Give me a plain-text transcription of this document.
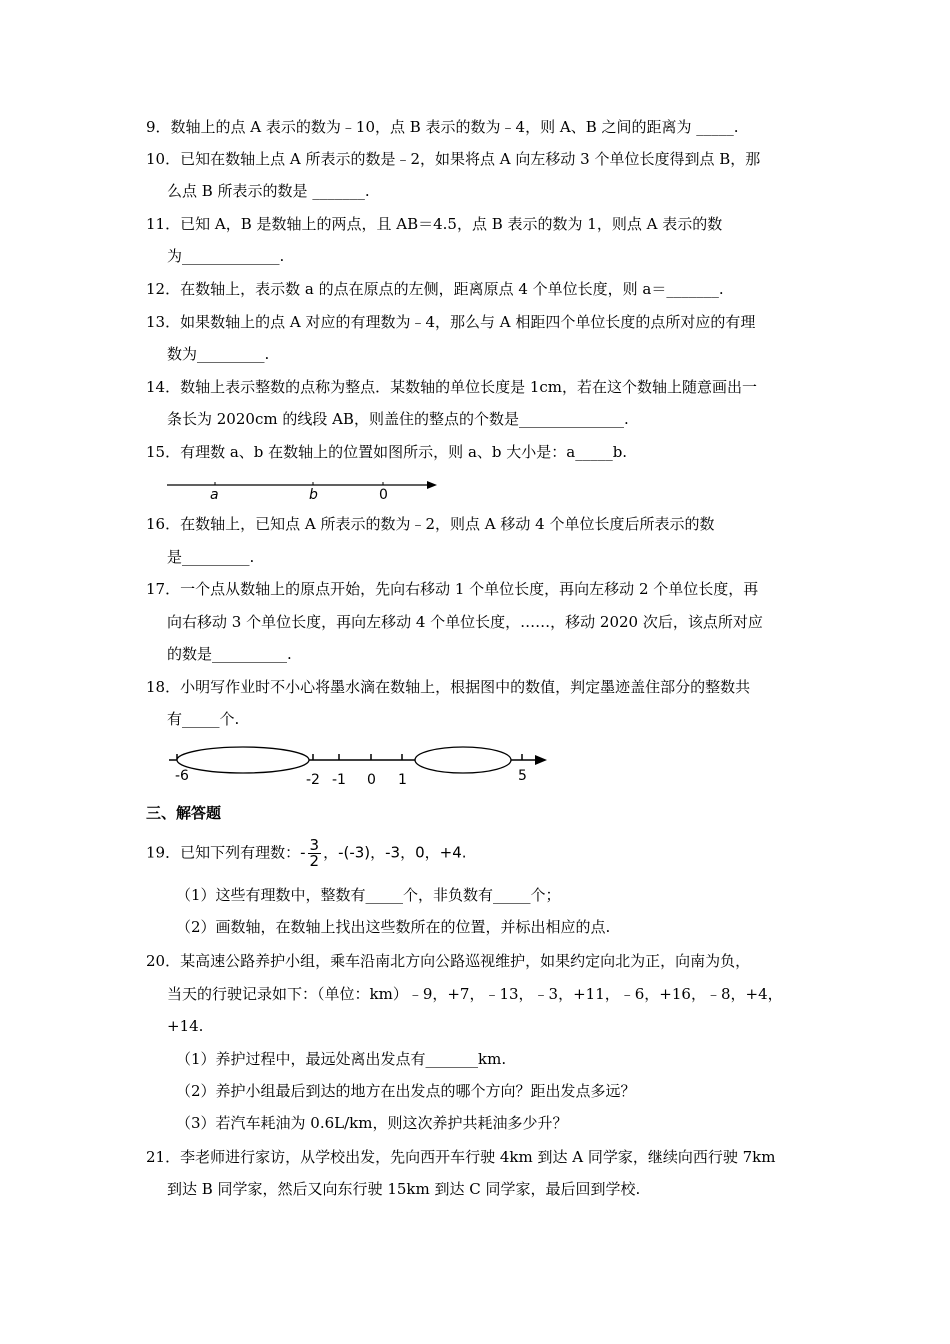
9．数轴上的点 A 表示的数为﹣10，点 B 表示的数为﹣4，则 A、B 之间的距离为 _____.
10．已知在数轴上点 A 所表示的数是﹣2，如果将点 A 向左移动 3 个单位长度得到点 B，那
么点 B 所表示的数是 _______.
11．已知 A，B 是数轴上的两点，且 AB＝4.5，点 B 表示的数为 1，则点 A 表示的数
为_____________.
12．在数轴上，表示数 a 的点在原点的左侧，距离原点 4 个单位长度，则 a＝_______.
13．如果数轴上的点 A 对应的有理数为﹣4，那么与 A 相距四个单位长度的点所对应的有理
数为_________.
14．数轴上表示整数的点称为整点．某数轴的单位长度是 1cm，若在这个数轴上随意画出一
条长为 2020cm 的线段 AB，则盖住的整点的个数是______________.
15．有理数 a、b 在数轴上的位置如图所示，则 a、b 大小是：a_____b.
a	b	0
16．在数轴上，已知点 A 所表示的数为﹣2，则点 A 移动 4 个单位长度后所表示的数
是_________.
17．一个点从数轴上的原点开始，先向右移动 1 个单位长度，再向左移动 2 个单位长度，再
向右移动 3 个单位长度，再向左移动 4 个单位长度，……，移动 2020 次后，该点所对应
的数是__________.
18．小明写作业时不小心将墨水滴在数轴上，根据图中的数值，判定墨迹盖住部分的整数共
有_____个.
-6	-2 -1 0 1	5
三、解答题
19．已知下列有理数：- $\frac{3}{2}$ ，-(-3)，-3，0，+4.
（1）这些有理数中，整数有_____个，非负数有_____个；
（2）画数轴，在数轴上找出这些数所在的位置，并标出相应的点.
20．某高速公路养护小组，乘车沿南北方向公路巡视维护，如果约定向北为正，向南为负，
当天的行驶记录如下：（单位：km）﹣9，+7，﹣13，﹣3，+11，﹣6，+16，﹣8，+4，
+14.
（1）养护过程中，最远处离出发点有_______km.
（2）养护小组最后到达的地方在出发点的哪个方向？距出发点多远？
（3）若汽车耗油为 0.6L/km，则这次养护共耗油多少升？
21．李老师进行家访，从学校出发，先向西开车行驶 4km 到达 A 同学家，继续向西行驶 7km
到达 B 同学家，然后又向东行驶 15km 到达 C 同学家，最后回到学校.
